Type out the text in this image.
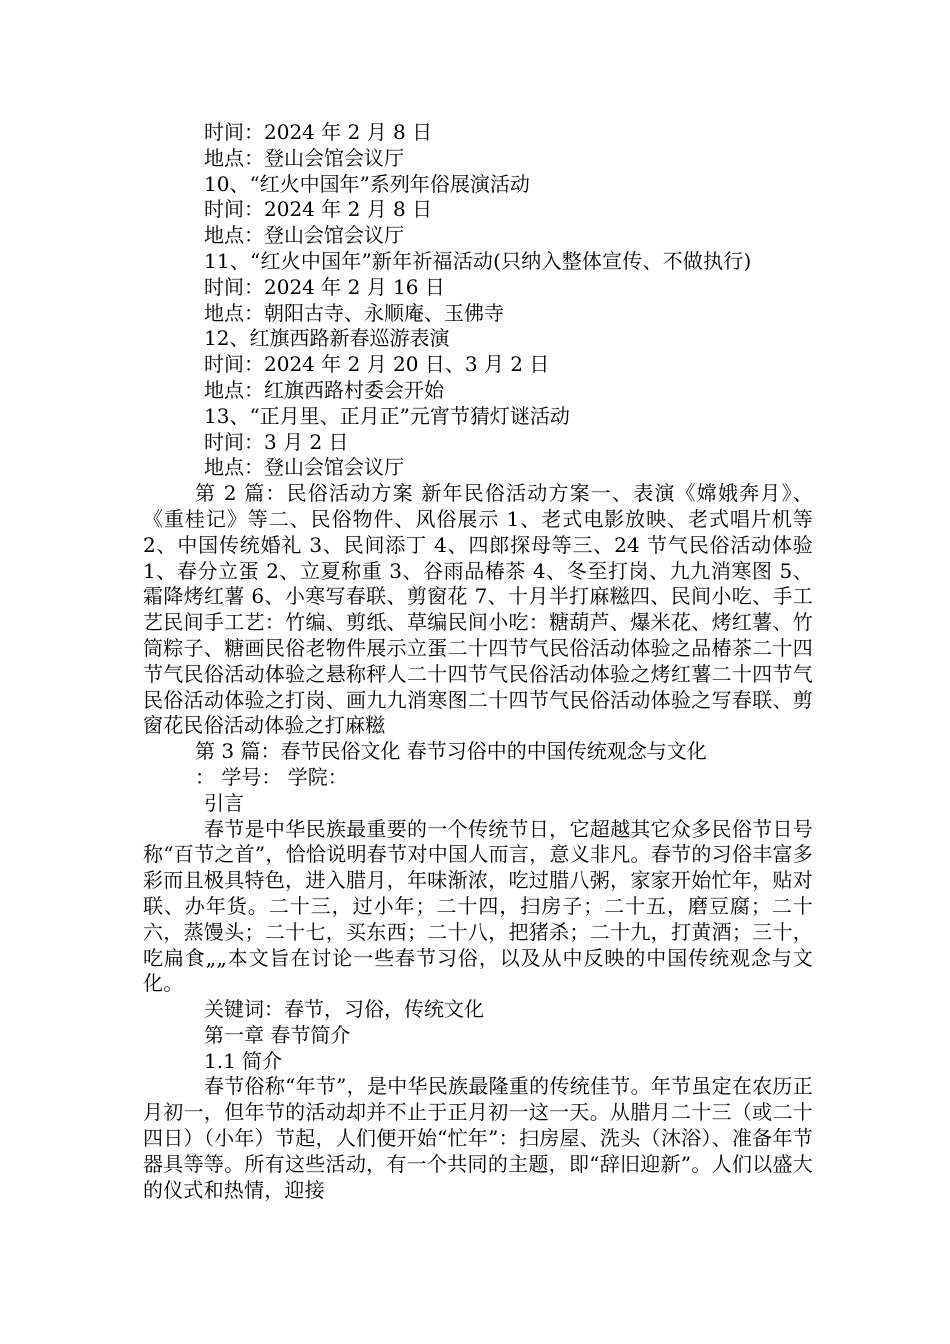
时间：2024 年 2 月 8 日

地点：登山会馆会议厅

10、“红火中国年”系列年俗展演活动

时间：2024 年 2 月 8 日

地点：登山会馆会议厅

11、“红火中国年”新年祈福活动(只纳入整体宣传、不做执行)

时间：2024 年 2 月 16 日

地点：朝阳古寺、永顺庵、玉佛寺

12、红旗西路新春巡游表演

时间：2024 年 2 月 20 日、3 月 2 日

地点：红旗西路村委会开始

13、“正月里、正月正”元宵节猜灯谜活动

时间：3 月 2 日

地点：登山会馆会议厅

第 2 篇：民俗活动方案 新年民俗活动方案一、表演《嫦娥奔月》、《重桂记》等二、民俗物件、风俗展示 1、老式电影放映、老式唱片机等 2、中国传统婚礼 3、民间添丁 4、四郎探母等三、24 节气民俗活动体验 1、春分立蛋 2、立夏称重 3、谷雨品椿茶 4、冬至打岗、九九消寒图 5、霜降烤红薯 6、小寒写春联、剪窗花 7、十月半打麻糍四、民间小吃、手工艺民间手工艺：竹编、剪纸、草编民间小吃：糖葫芦、爆米花、烤红薯、竹筒粽子、糖画民俗老物件展示立蛋二十四节气民俗活动体验之品椿茶二十四节气民俗活动体验之悬称秤人二十四节气民俗活动体验之烤红薯二十四节气民俗活动体验之打岗、画九九消寒图二十四节气民俗活动体验之写春联、剪窗花民俗活动体验之打麻糍

第 3 篇：春节民俗文化 春节习俗中的中国传统观念与文化

： 学号： 学院：

引言

春节是中华民族最重要的一个传统节日，它超越其它众多民俗节日号称“百节之首”，恰恰说明春节对中国人而言，意义非凡。春节的习俗丰富多彩而且极具特色，进入腊月，年味渐浓，吃过腊八粥，家家开始忙年，贴对联、办年货。二十三，过小年；二十四，扫房子；二十五，磨豆腐；二十六，蒸馒头；二十七，买东西；二十八，把猪杀；二十九，打黄酒；三十，吃扁食„„本文旨在讨论一些春节习俗，以及从中反映的中国传统观念与文化。

关键词：春节，习俗，传统文化

第一章 春节简介

1.1 简介

春节俗称“年节”，是中华民族最隆重的传统佳节。年节虽定在农历正月初一，但年节的活动却并不止于正月初一这一天。从腊月二十三（或二十四日）（小年）节起，人们便开始“忙年”：扫房屋、洗头（沐浴）、准备年节器具等等。所有这些活动，有一个共同的主题，即“辞旧迎新”。人们以盛大的仪式和热情，迎接
